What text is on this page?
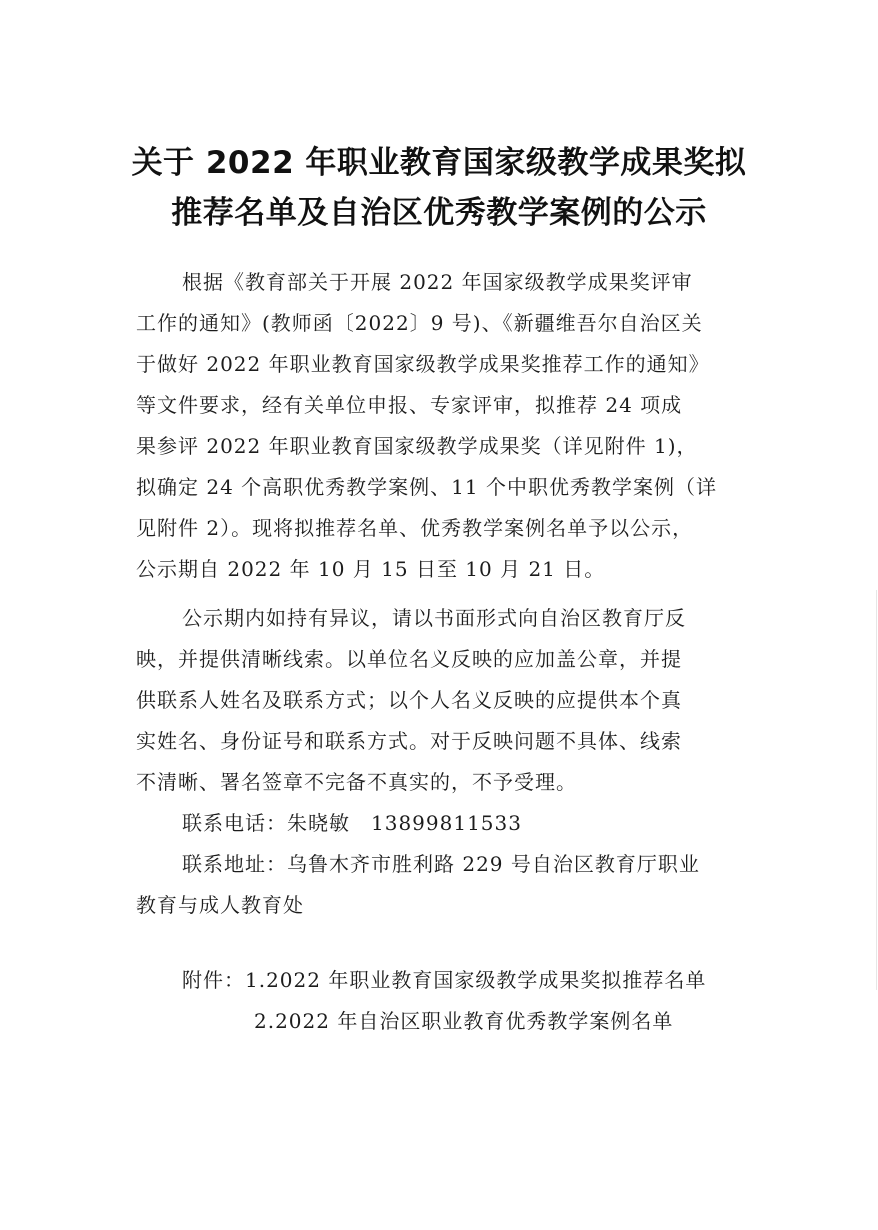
关于 2022 年职业教育国家级教学成果奖拟
推荐名单及自治区优秀教学案例的公示
根据《教育部关于开展 2022 年国家级教学成果奖评审
工作的通知》(教师函〔2022〕9 号)、《新疆维吾尔自治区关
于做好 2022 年职业教育国家级教学成果奖推荐工作的通知》
等文件要求，经有关单位申报、专家评审，拟推荐 24 项成
果参评 2022 年职业教育国家级教学成果奖（详见附件 1)，
拟确定 24 个高职优秀教学案例、11 个中职优秀教学案例（详
见附件 2）。现将拟推荐名单、优秀教学案例名单予以公示，
公示期自 2022 年 10 月 15 日至 10 月 21 日。
公示期内如持有异议，请以书面形式向自治区教育厅反
映，并提供清晰线索。以单位名义反映的应加盖公章，并提
供联系人姓名及联系方式；以个人名义反映的应提供本个真
实姓名、身份证号和联系方式。对于反映问题不具体、线索
不清晰、署名签章不完备不真实的，不予受理。
联系电话：朱晓敏　13899811533
联系地址：乌鲁木齐市胜利路 229 号自治区教育厅职业
教育与成人教育处
附件：1.2022 年职业教育国家级教学成果奖拟推荐名单
2.2022 年自治区职业教育优秀教学案例名单
